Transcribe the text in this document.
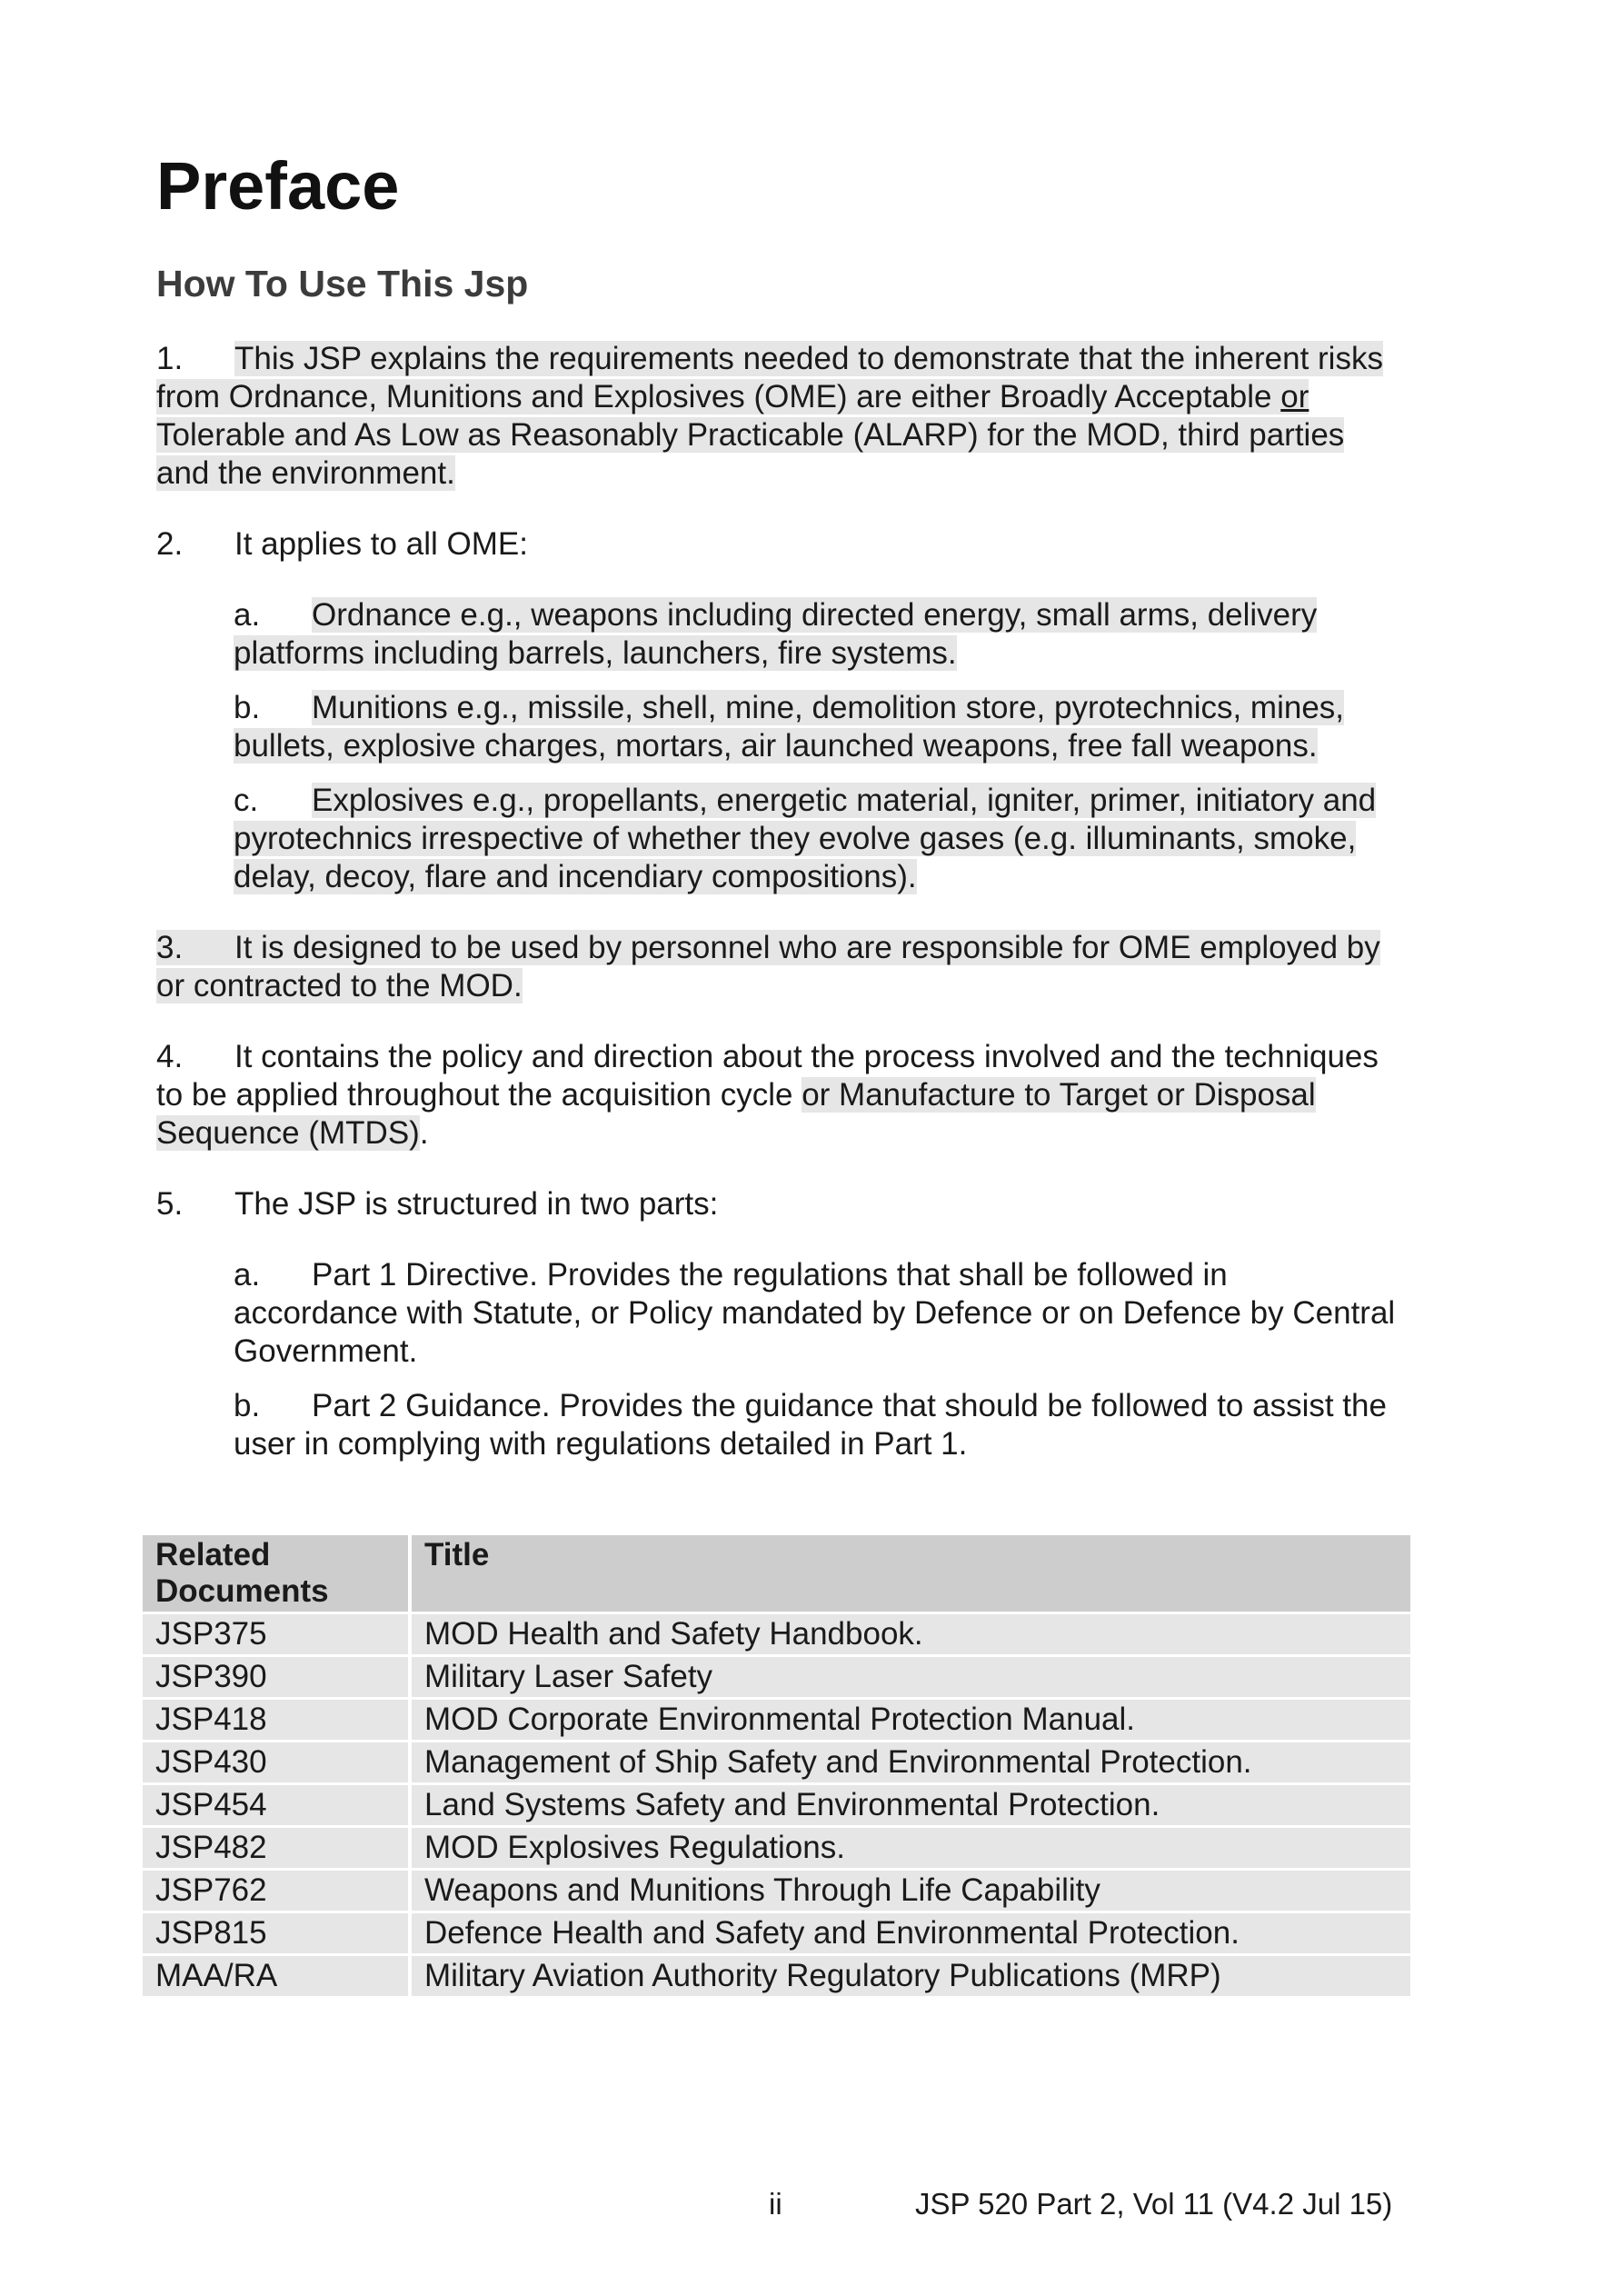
Preface
How To Use This Jsp
1. This JSP explains the requirements needed to demonstrate that the inherent risks from Ordnance, Munitions and Explosives (OME) are either Broadly Acceptable or Tolerable and As Low as Reasonably Practicable (ALARP) for the MOD, third parties and the environment.
2. It applies to all OME:
a. Ordnance e.g., weapons including directed energy, small arms, delivery platforms including barrels, launchers, fire systems.
b. Munitions e.g., missile, shell, mine, demolition store, pyrotechnics, mines, bullets, explosive charges, mortars, air launched weapons, free fall weapons.
c. Explosives e.g., propellants, energetic material, igniter, primer, initiatory and pyrotechnics irrespective of whether they evolve gases (e.g. illuminants, smoke, delay, decoy, flare and incendiary compositions).
3. It is designed to be used by personnel who are responsible for OME employed by or contracted to the MOD.
4. It contains the policy and direction about the process involved and the techniques to be applied throughout the acquisition cycle or Manufacture to Target or Disposal Sequence (MTDS).
5. The JSP is structured in two parts:
a. Part 1 Directive. Provides the regulations that shall be followed in accordance with Statute, or Policy mandated by Defence or on Defence by Central Government.
b. Part 2 Guidance. Provides the guidance that should be followed to assist the user in complying with regulations detailed in Part 1.
Related Documents	Title
JSP375	MOD Health and Safety Handbook.
JSP390	Military Laser Safety
JSP418	MOD Corporate Environmental Protection Manual.
JSP430	Management of Ship Safety and Environmental Protection.
JSP454	Land Systems Safety and Environmental Protection.
JSP482	MOD Explosives Regulations.
JSP762	Weapons and Munitions Through Life Capability
JSP815	Defence Health and Safety and Environmental Protection.
MAA/RA	Military Aviation Authority Regulatory Publications (MRP)
ii	JSP 520 Part 2, Vol 11 (V4.2 Jul 15)
